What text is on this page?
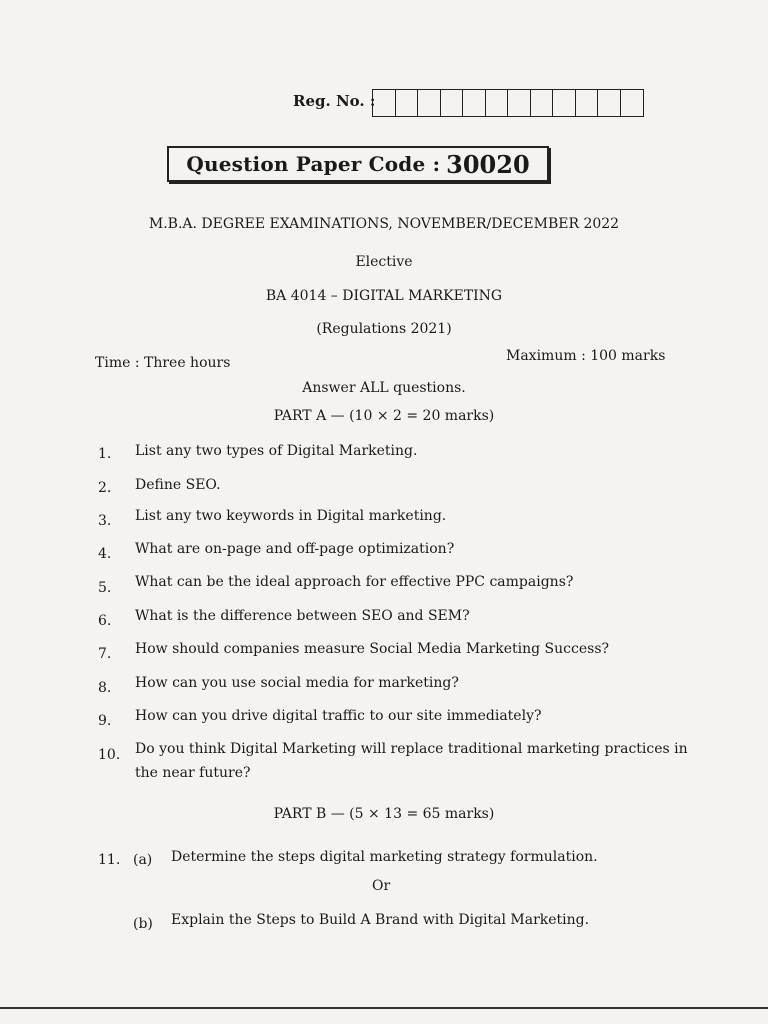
Reg. No. :
Question Paper Code : 30020
M.B.A. DEGREE EXAMINATIONS, NOVEMBER/DECEMBER 2022
Elective
BA 4014 – DIGITAL MARKETING
(Regulations 2021)
Time : Three hours	Maximum : 100 marks
Answer ALL questions.
PART A — (10 × 2 = 20 marks)
1. List any two types of Digital Marketing.
2. Define SEO.
3. List any two keywords in Digital marketing.
4. What are on-page and off-page optimization?
5. What can be the ideal approach for effective PPC campaigns?
6. What is the difference between SEO and SEM?
7. How should companies measure Social Media Marketing Success?
8. How can you use social media for marketing?
9. How can you drive digital traffic to our site immediately?
10. Do you think Digital Marketing will replace traditional marketing practices in
the near future?
PART B — (5 × 13 = 65 marks)
11. (a) Determine the steps digital marketing strategy formulation.
Or
(b) Explain the Steps to Build A Brand with Digital Marketing.
